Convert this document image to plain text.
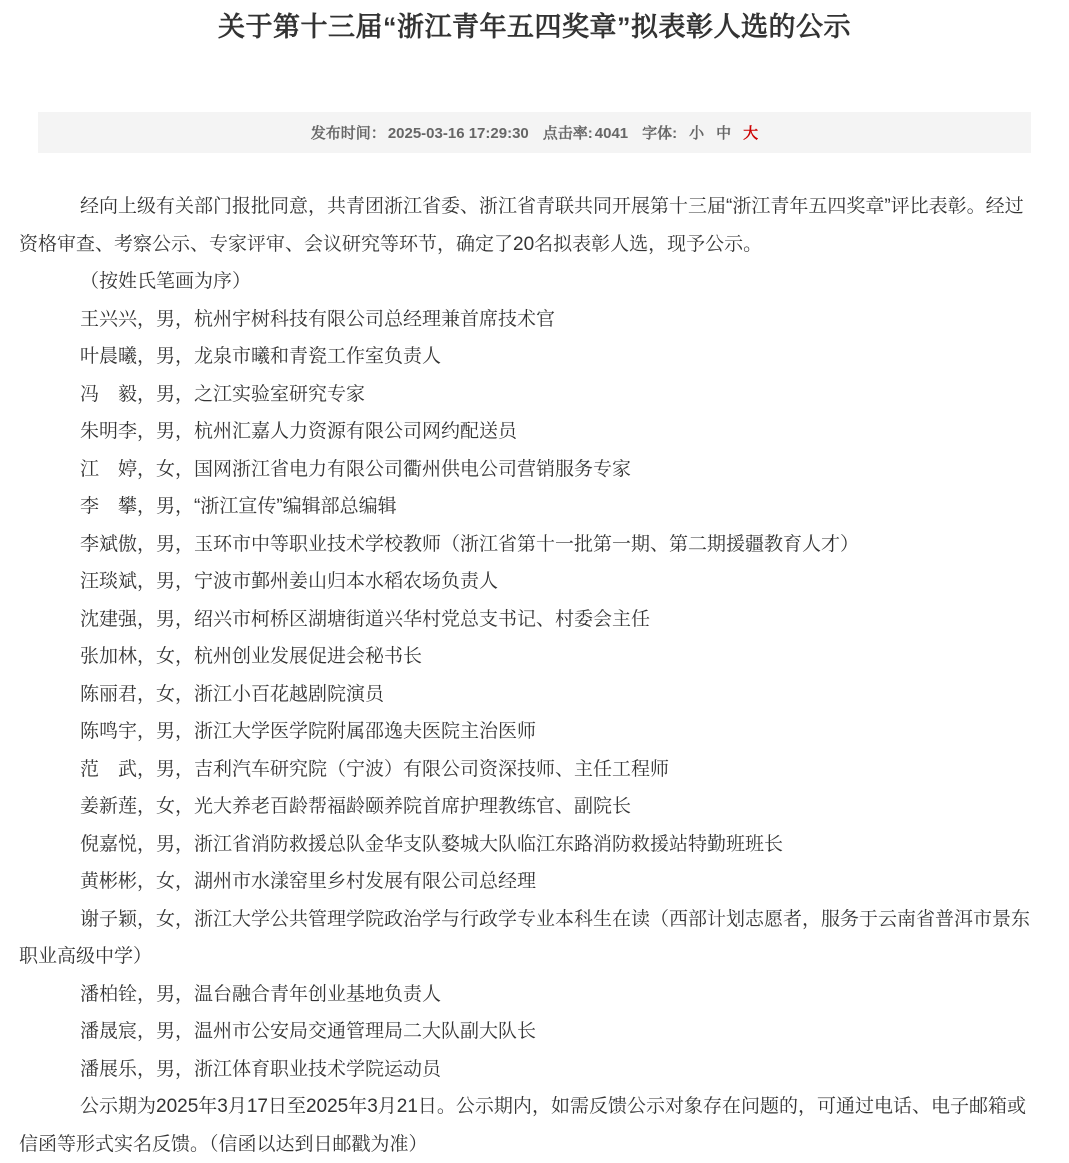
关于第十三届“浙江青年五四奖章”拟表彰人选的公示
发布时间： 2025-03-16 17:29:30 点击率: 4041 字体: 小 中 大

经向上级有关部门报批同意，共青团浙江省委、浙江省青联共同开展第十三届“浙江青年五四奖章”评比表彰。经过资格审查、考察公示、专家评审、会议研究等环节，确定了20名拟表彰人选，现予公示。

（按姓氏笔画为序）

王兴兴，男，杭州宇树科技有限公司总经理兼首席技术官

叶晨曦，男，龙泉市曦和青瓷工作室负责人

冯　毅，男，之江实验室研究专家

朱明李，男，杭州汇嘉人力资源有限公司网约配送员

江　婷，女，国网浙江省电力有限公司衢州供电公司营销服务专家

李　攀，男，“浙江宣传”编辑部总编辑

李斌傲，男，玉环市中等职业技术学校教师（浙江省第十一批第一期、第二期援疆教育人才）

汪琰斌，男，宁波市鄞州姜山归本水稻农场负责人

沈建强，男，绍兴市柯桥区湖塘街道兴华村党总支书记、村委会主任

张加林，女，杭州创业发展促进会秘书长

陈丽君，女，浙江小百花越剧院演员

陈鸣宇，男，浙江大学医学院附属邵逸夫医院主治医师

范　武，男，吉利汽车研究院（宁波）有限公司资深技师、主任工程师

姜新莲，女，光大养老百龄帮福龄颐养院首席护理教练官、副院长

倪嘉悦，男，浙江省消防救援总队金华支队婺城大队临江东路消防救援站特勤班班长

黄彬彬，女，湖州市水漾窑里乡村发展有限公司总经理

谢子颖，女，浙江大学公共管理学院政治学与行政学专业本科生在读（西部计划志愿者，服务于云南省普洱市景东职业高级中学）

潘柏铨，男，温台融合青年创业基地负责人

潘晟宸，男，温州市公安局交通管理局二大队副大队长

潘展乐，男，浙江体育职业技术学院运动员

公示期为2025年3月17日至2025年3月21日。公示期内，如需反馈公示对象存在问题的，可通过电话、电子邮箱或信函等形式实名反馈。（信函以达到日邮戳为准）
